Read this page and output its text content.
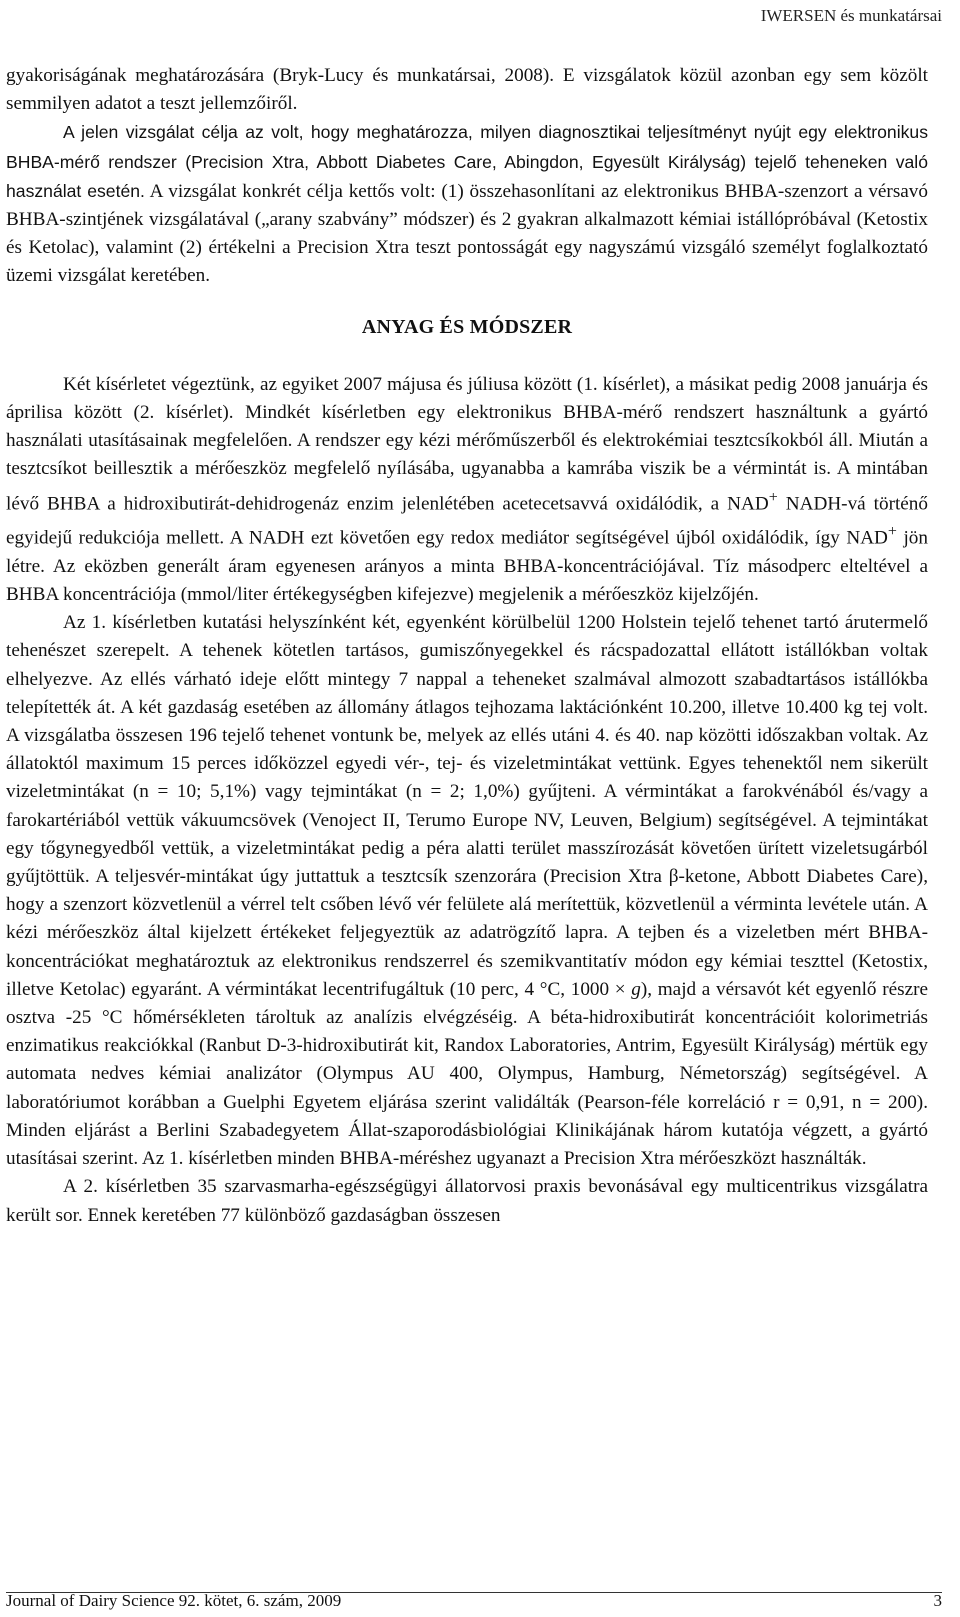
IWERSEN és munkatársai

gyakoriságának meghatározására (Bryk-Lucy és munkatársai, 2008). E vizsgálatok közül azonban egy sem közölt semmilyen adatot a teszt jellemzőiről.

A jelen vizsgálat célja az volt, hogy meghatározza, milyen diagnosztikai teljesítményt nyújt egy elektronikus BHBA-mérő rendszer (Precision Xtra, Abbott Diabetes Care, Abingdon, Egyesült Királyság) tejelő teheneken való használat esetén. A vizsgálat konkrét célja kettős volt: (1) összehasonlítani az elektronikus BHBA-szenzort a vérsavó BHBA-szintjének vizsgálatával („arany szabvány” módszer) és 2 gyakran alkalmazott kémiai istállópróbával (Ketostix és Ketolac), valamint (2) értékelni a Precision Xtra teszt pontosságát egy nagyszámú vizsgáló személyt foglalkoztató üzemi vizsgálat keretében.

ANYAG ÉS MÓDSZER

Két kísérletet végeztünk, az egyiket 2007 májusa és júliusa között (1. kísérlet), a másikat pedig 2008 januárja és áprilisa között (2. kísérlet). Mindkét kísérletben egy elektronikus BHBA-mérő rendszert használtunk a gyártó használati utasításainak megfelelően. A rendszer egy kézi mérőműszerből és elektrokémiai tesztcsíkokból áll. Miután a tesztcsíkot beillesztik a mérőeszköz megfelelő nyílásába, ugyanabba a kamrába viszik be a vérmintát is. A mintában lévő BHBA a hidroxibutirát-dehidrogenáz enzim jelenlétében acetecetsavvá oxidálódik, a NAD+ NADH-vá történő egyidejű redukciója mellett. A NADH ezt követően egy redox mediátor segítségével újból oxidálódik, így NAD+ jön létre. Az eközben generált áram egyenesen arányos a minta BHBA-koncentrációjával. Tíz másodperc elteltével a BHBA koncentrációja (mmol/liter értékegységben kifejezve) megjelenik a mérőeszköz kijelzőjén.

Az 1. kísérletben kutatási helyszínként két, egyenként körülbelül 1200 Holstein tejelő tehenet tartó árutermelő tehenészet szerepelt. A tehenek kötetlen tartásos, gumiszőnyegekkel és rácspadozattal ellátott istállókban voltak elhelyezve. Az ellés várható ideje előtt mintegy 7 nappal a teheneket szalmával almozott szabadtartásos istállókba telepítették át. A két gazdaság esetében az állomány átlagos tejhozama laktációnként 10.200, illetve 10.400 kg tej volt. A vizsgálatba összesen 196 tejelő tehenet vontunk be, melyek az ellés utáni 4. és 40. nap közötti időszakban voltak. Az állatoktól maximum 15 perces időközzel egyedi vér-, tej- és vizeletmintákat vettünk. Egyes tehenektől nem sikerült vizeletmintákat (n = 10; 5,1%) vagy tejmintákat (n = 2; 1,0%) gyűjteni. A vérmintákat a farokvénából és/vagy a farokartériából vettük vákuumcsövek (Venoject II, Terumo Europe NV, Leuven, Belgium) segítségével. A tejmintákat egy tőgynegyedből vettük, a vizeletmintákat pedig a péra alatti terület masszírozását követően ürített vizeletsugárból gyűjtöttük. A teljesvér-mintákat úgy juttattuk a tesztcsík szenzorára (Precision Xtra β-ketone, Abbott Diabetes Care), hogy a szenzort közvetlenül a vérrel telt csőben lévő vér felülete alá merítettük, közvetlenül a vérminta levétele után. A kézi mérőeszköz által kijelzett értékeket feljegyeztük az adatrögzítő lapra. A tejben és a vizeletben mért BHBA-koncentrációkat meghatároztuk az elektronikus rendszerrel és szemikvantitatív módon egy kémiai teszttel (Ketostix, illetve Ketolac) egyaránt. A vérmintákat lecentrifugáltuk (10 perc, 4 °C, 1000 × g), majd a vérsavót két egyenlő részre osztva -25 °C hőmérsékleten tároltuk az analízis elvégzéséig. A béta-hidroxibutirát koncentrációit kolorimetriás enzimatikus reakciókkal (Ranbut D-3-hidroxibutirát kit, Randox Laboratories, Antrim, Egyesült Királyság) mértük egy automata nedves kémiai analizátor (Olympus AU 400, Olympus, Hamburg, Németország) segítségével. A laboratóriumot korábban a Guelphi Egyetem eljárása szerint validálták (Pearson-féle korreláció r = 0,91, n = 200). Minden eljárást a Berlini Szabadegyetem Állat-szaporodásbiológiai Klinikájának három kutatója végzett, a gyártó utasításai szerint. Az 1. kísérletben minden BHBA-méréshez ugyanazt a Precision Xtra mérőeszközt használták.

A 2. kísérletben 35 szarvasmarha-egészségügyi állatorvosi praxis bevonásával egy multicentrikus vizsgálatra került sor. Ennek keretében 77 különböző gazdaságban összesen

Journal of Dairy Science 92. kötet, 6. szám, 2009	3
